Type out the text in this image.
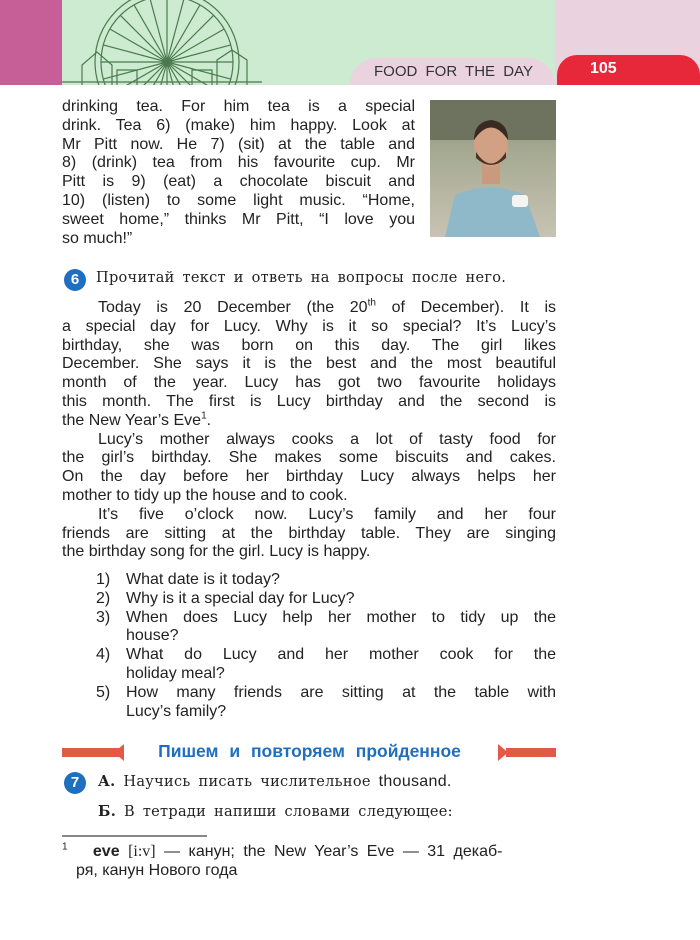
FOOD FOR THE DAY	105
drinking tea. For him tea is a special
drink. Tea 6) (make) him happy. Look at
Mr Pitt now. He 7) (sit) at the table and
8) (drink) tea from his favourite cup. Mr
Pitt is 9) (eat) a chocolate biscuit and
10) (listen) to some light music. “Home,
sweet home,” thinks Mr Pitt, “I love you
so much!”
6	Прочитай текст и ответь на вопросы после него.
Today is 20 December (the 20th of December). It is
a special day for Lucy. Why is it so special? It’s Lucy’s
birthday, she was born on this day. The girl likes
December. She says it is the best and the most beautiful
month of the year. Lucy has got two favourite holidays
this month. The first is Lucy birthday and the second is
the New Year’s Eve$^1$.
Lucy’s mother always cooks a lot of tasty food for
the girl’s birthday. She makes some biscuits and cakes.
On the day before her birthday Lucy always helps her
mother to tidy up the house and to cook.
It’s five o’clock now. Lucy’s family and her four
friends are sitting at the birthday table. They are singing
the birthday song for the girl. Lucy is happy.
1) What date is it today?
2) Why is it a special day for Lucy?
3) When does Lucy help her mother to tidy up the
house?
4) What do Lucy and her mother cook for the
holiday meal?
5) How many friends are sitting at the table with
Lucy’s family?
Пишем и повторяем пройденное
7	А. Научись писать числительное thousand.
Б. В тетради напиши словами следующее:
$^1$ eve [i:v] — канун; the New Year’s Eve — 31 декаб-
ря, канун Нового года
